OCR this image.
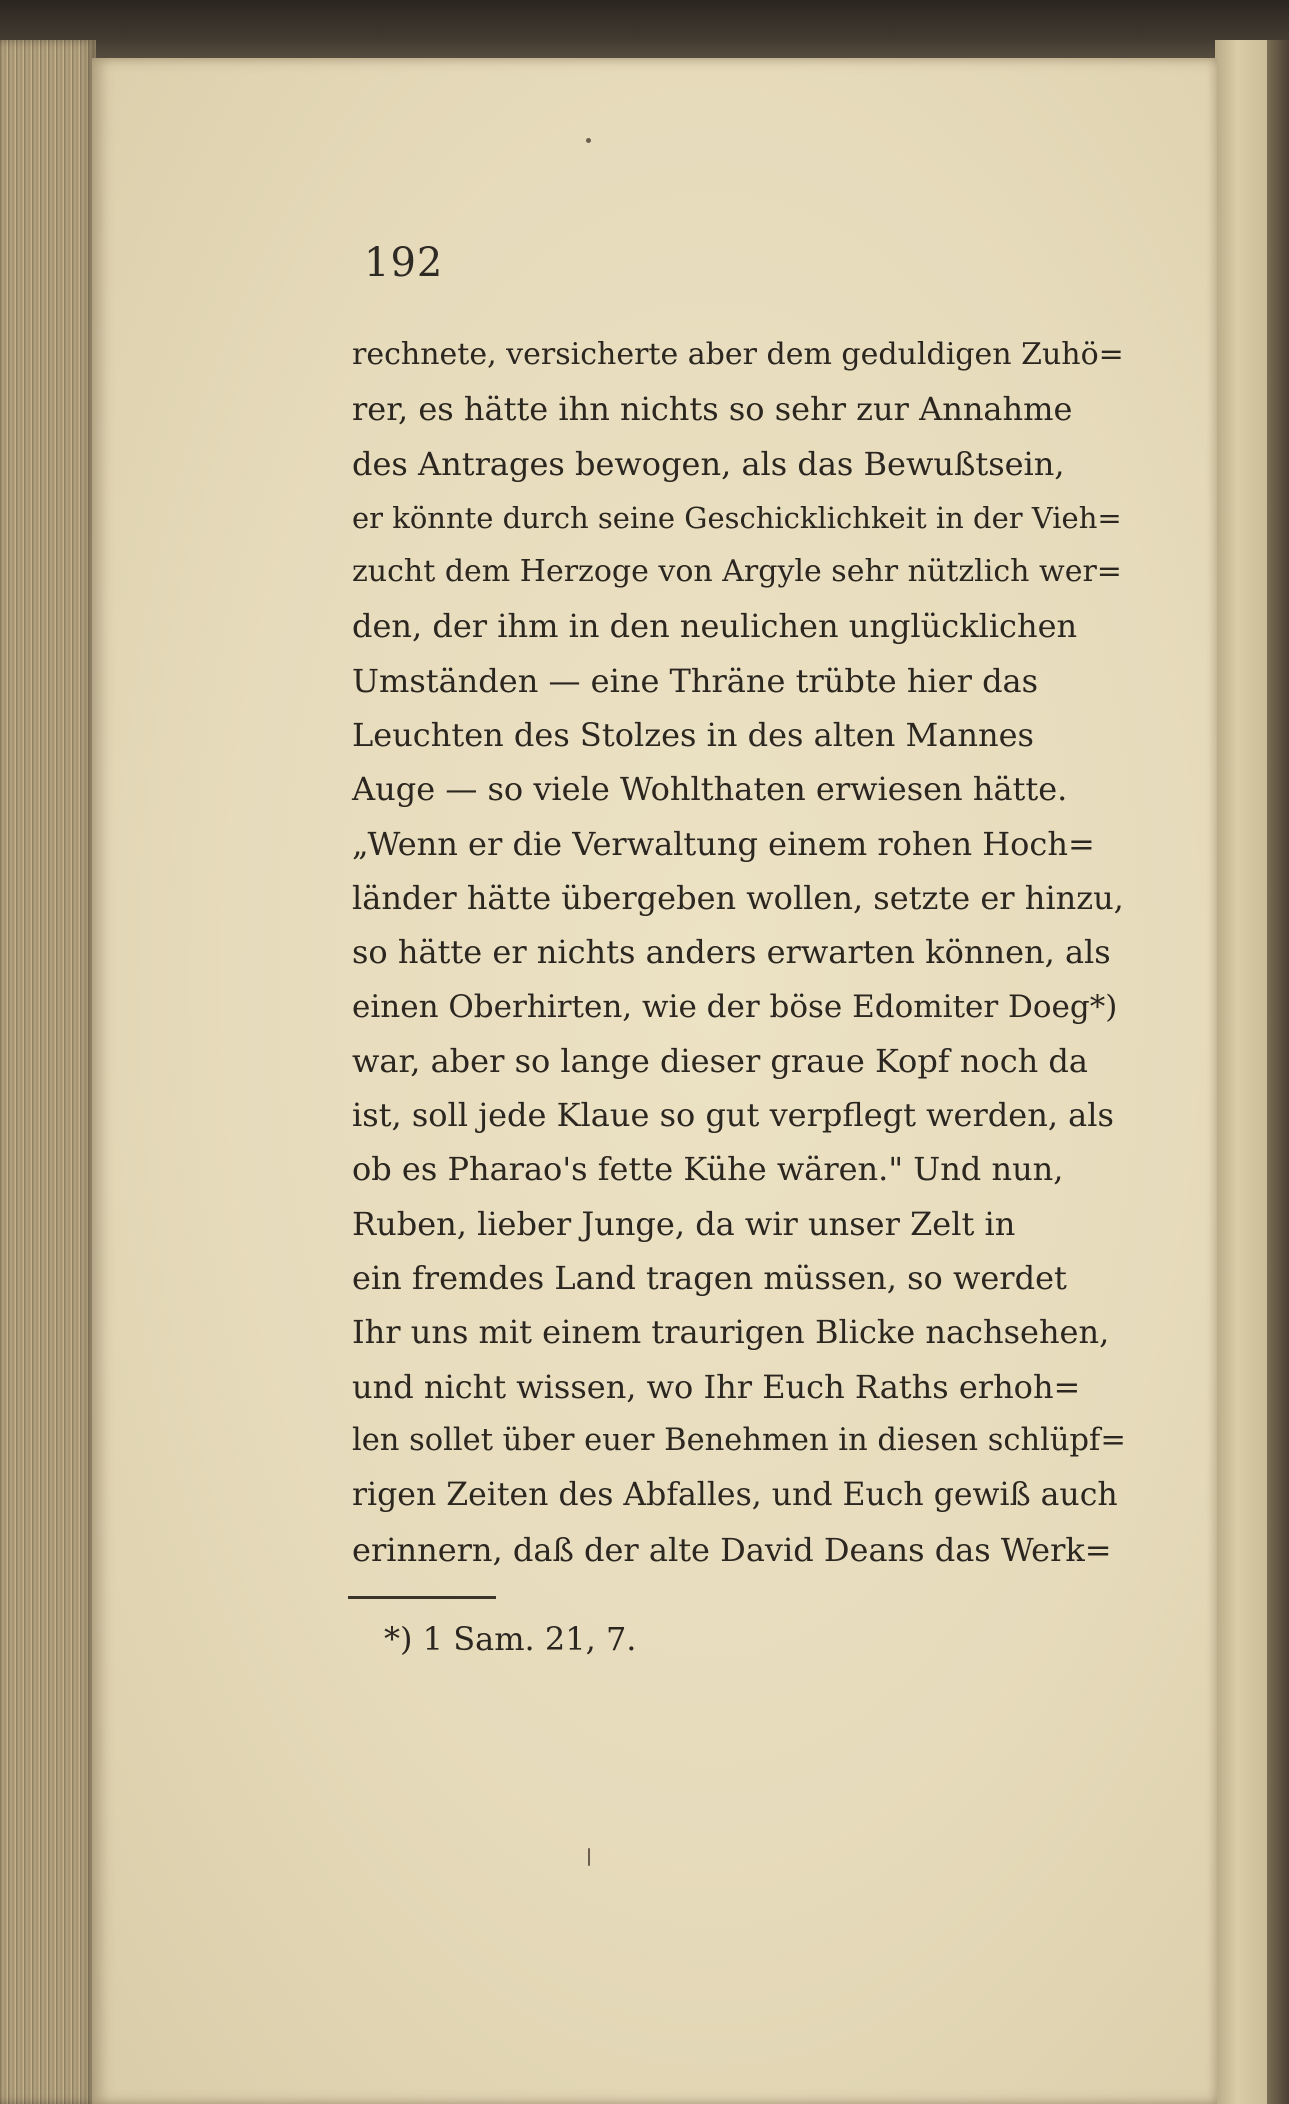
192
rechnete, versicherte aber dem geduldigen Zuhö=
rer, es hätte ihn nichts so sehr zur Annahme
des Antrages bewogen, als das Bewußtsein,
er könnte durch seine Geschicklichkeit in der Vieh=
zucht dem Herzoge von Argyle sehr nützlich wer=
den, der ihm in den neulichen unglücklichen
Umständen — eine Thräne trübte hier das
Leuchten des Stolzes in des alten Mannes
Auge — so viele Wohlthaten erwiesen hätte.
„Wenn er die Verwaltung einem rohen Hoch=
länder hätte übergeben wollen, setzte er hinzu,
so hätte er nichts anders erwarten können, als
einen Oberhirten, wie der böse Edomiter Doeg*)
war, aber so lange dieser graue Kopf noch da
ist, soll jede Klaue so gut verpflegt werden, als
ob es Pharao's fette Kühe wären." Und nun,
Ruben, lieber Junge, da wir unser Zelt in
ein fremdes Land tragen müssen, so werdet
Ihr uns mit einem traurigen Blicke nachsehen,
und nicht wissen, wo Ihr Euch Raths erhoh=
len sollet über euer Benehmen in diesen schlüpf=
rigen Zeiten des Abfalles, und Euch gewiß auch
erinnern, daß der alte David Deans das Werk=
*) 1 Sam. 21, 7.
